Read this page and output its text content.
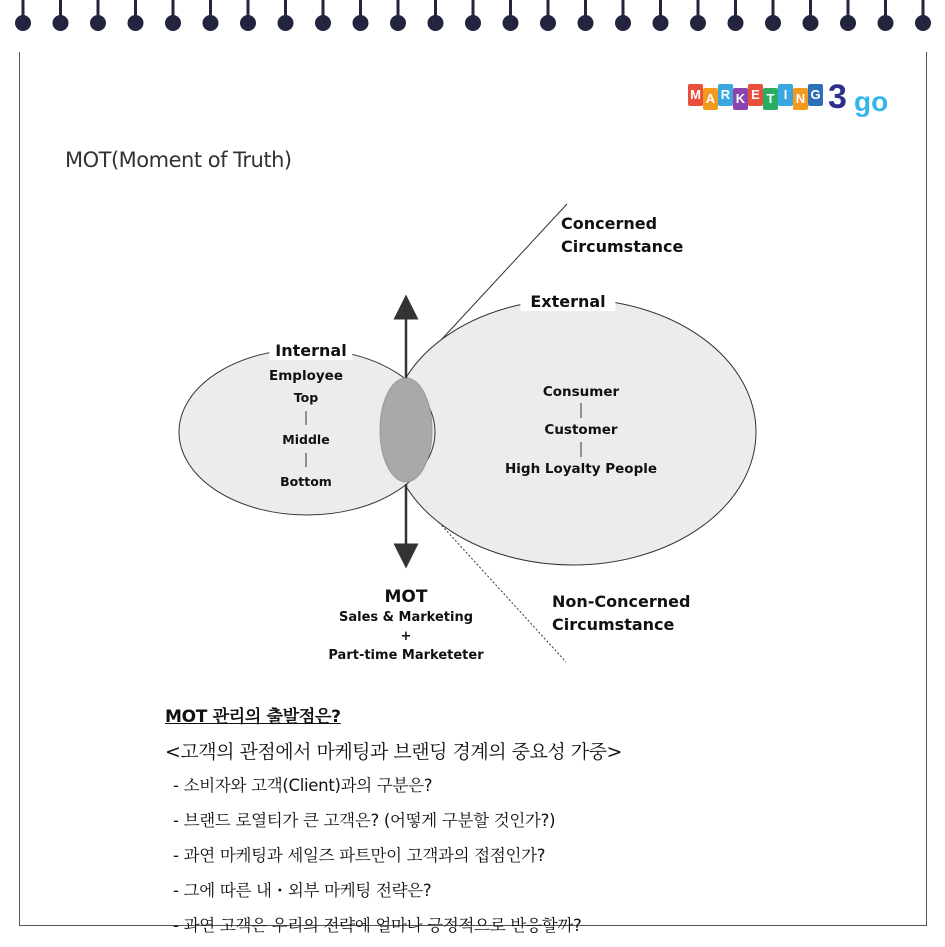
M A R K E T I N G 3 go
MOT(Moment of Truth)
Concerned
Circumstance
Non-Concerned
Circumstance
External
Internal
Employee
Top
Middle
Bottom
Consumer
Customer
High Loyalty People
MOT
Sales & Marketing
+
Part-time Marketeter
MOT 관리의 출발점은?
<고객의 관점에서 마케팅과 브랜딩 경계의 중요성 가중>
- 소비자와 고객(Client)과의 구분은?
- 브랜드 로열티가 큰 고객은? (어떻게 구분할 것인가?)
- 과연 마케팅과 세일즈 파트만이 고객과의 접점인가?
- 그에 따른 내・외부 마케팅 전략은?
- 과연 고객은 우리의 전략에 얼마나 긍정적으로 반응할까?
